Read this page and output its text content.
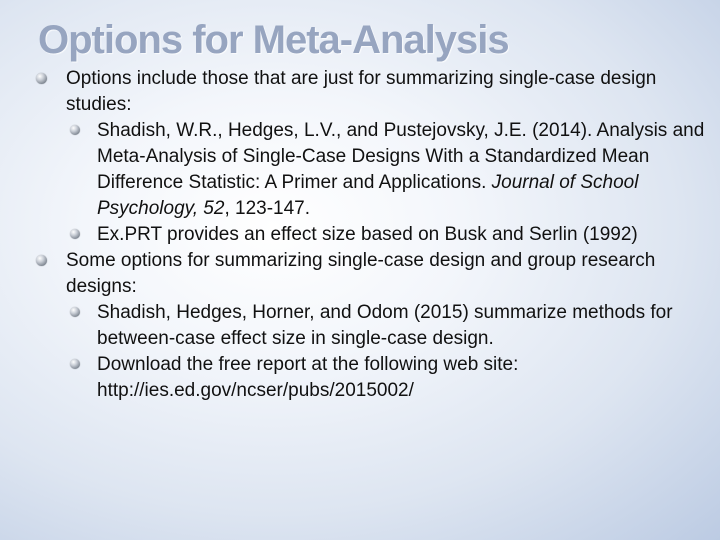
Options for Meta-Analysis

Options include those that are just for summarizing single-case design studies:

Shadish, W.R., Hedges, L.V., and Pustejovsky, J.E. (2014). Analysis and Meta-Analysis of Single-Case Designs With a Standardized Mean Difference Statistic: A Primer and Applications. Journal of School Psychology, 52, 123-147.

Ex.PRT provides an effect size based on Busk and Serlin (1992)

Some options for summarizing single-case design and group research designs:

Shadish, Hedges, Horner, and Odom (2015) summarize methods for between-case effect size in single-case design.

Download the free report at the following web site: http://ies.ed.gov/ncser/pubs/2015002/
